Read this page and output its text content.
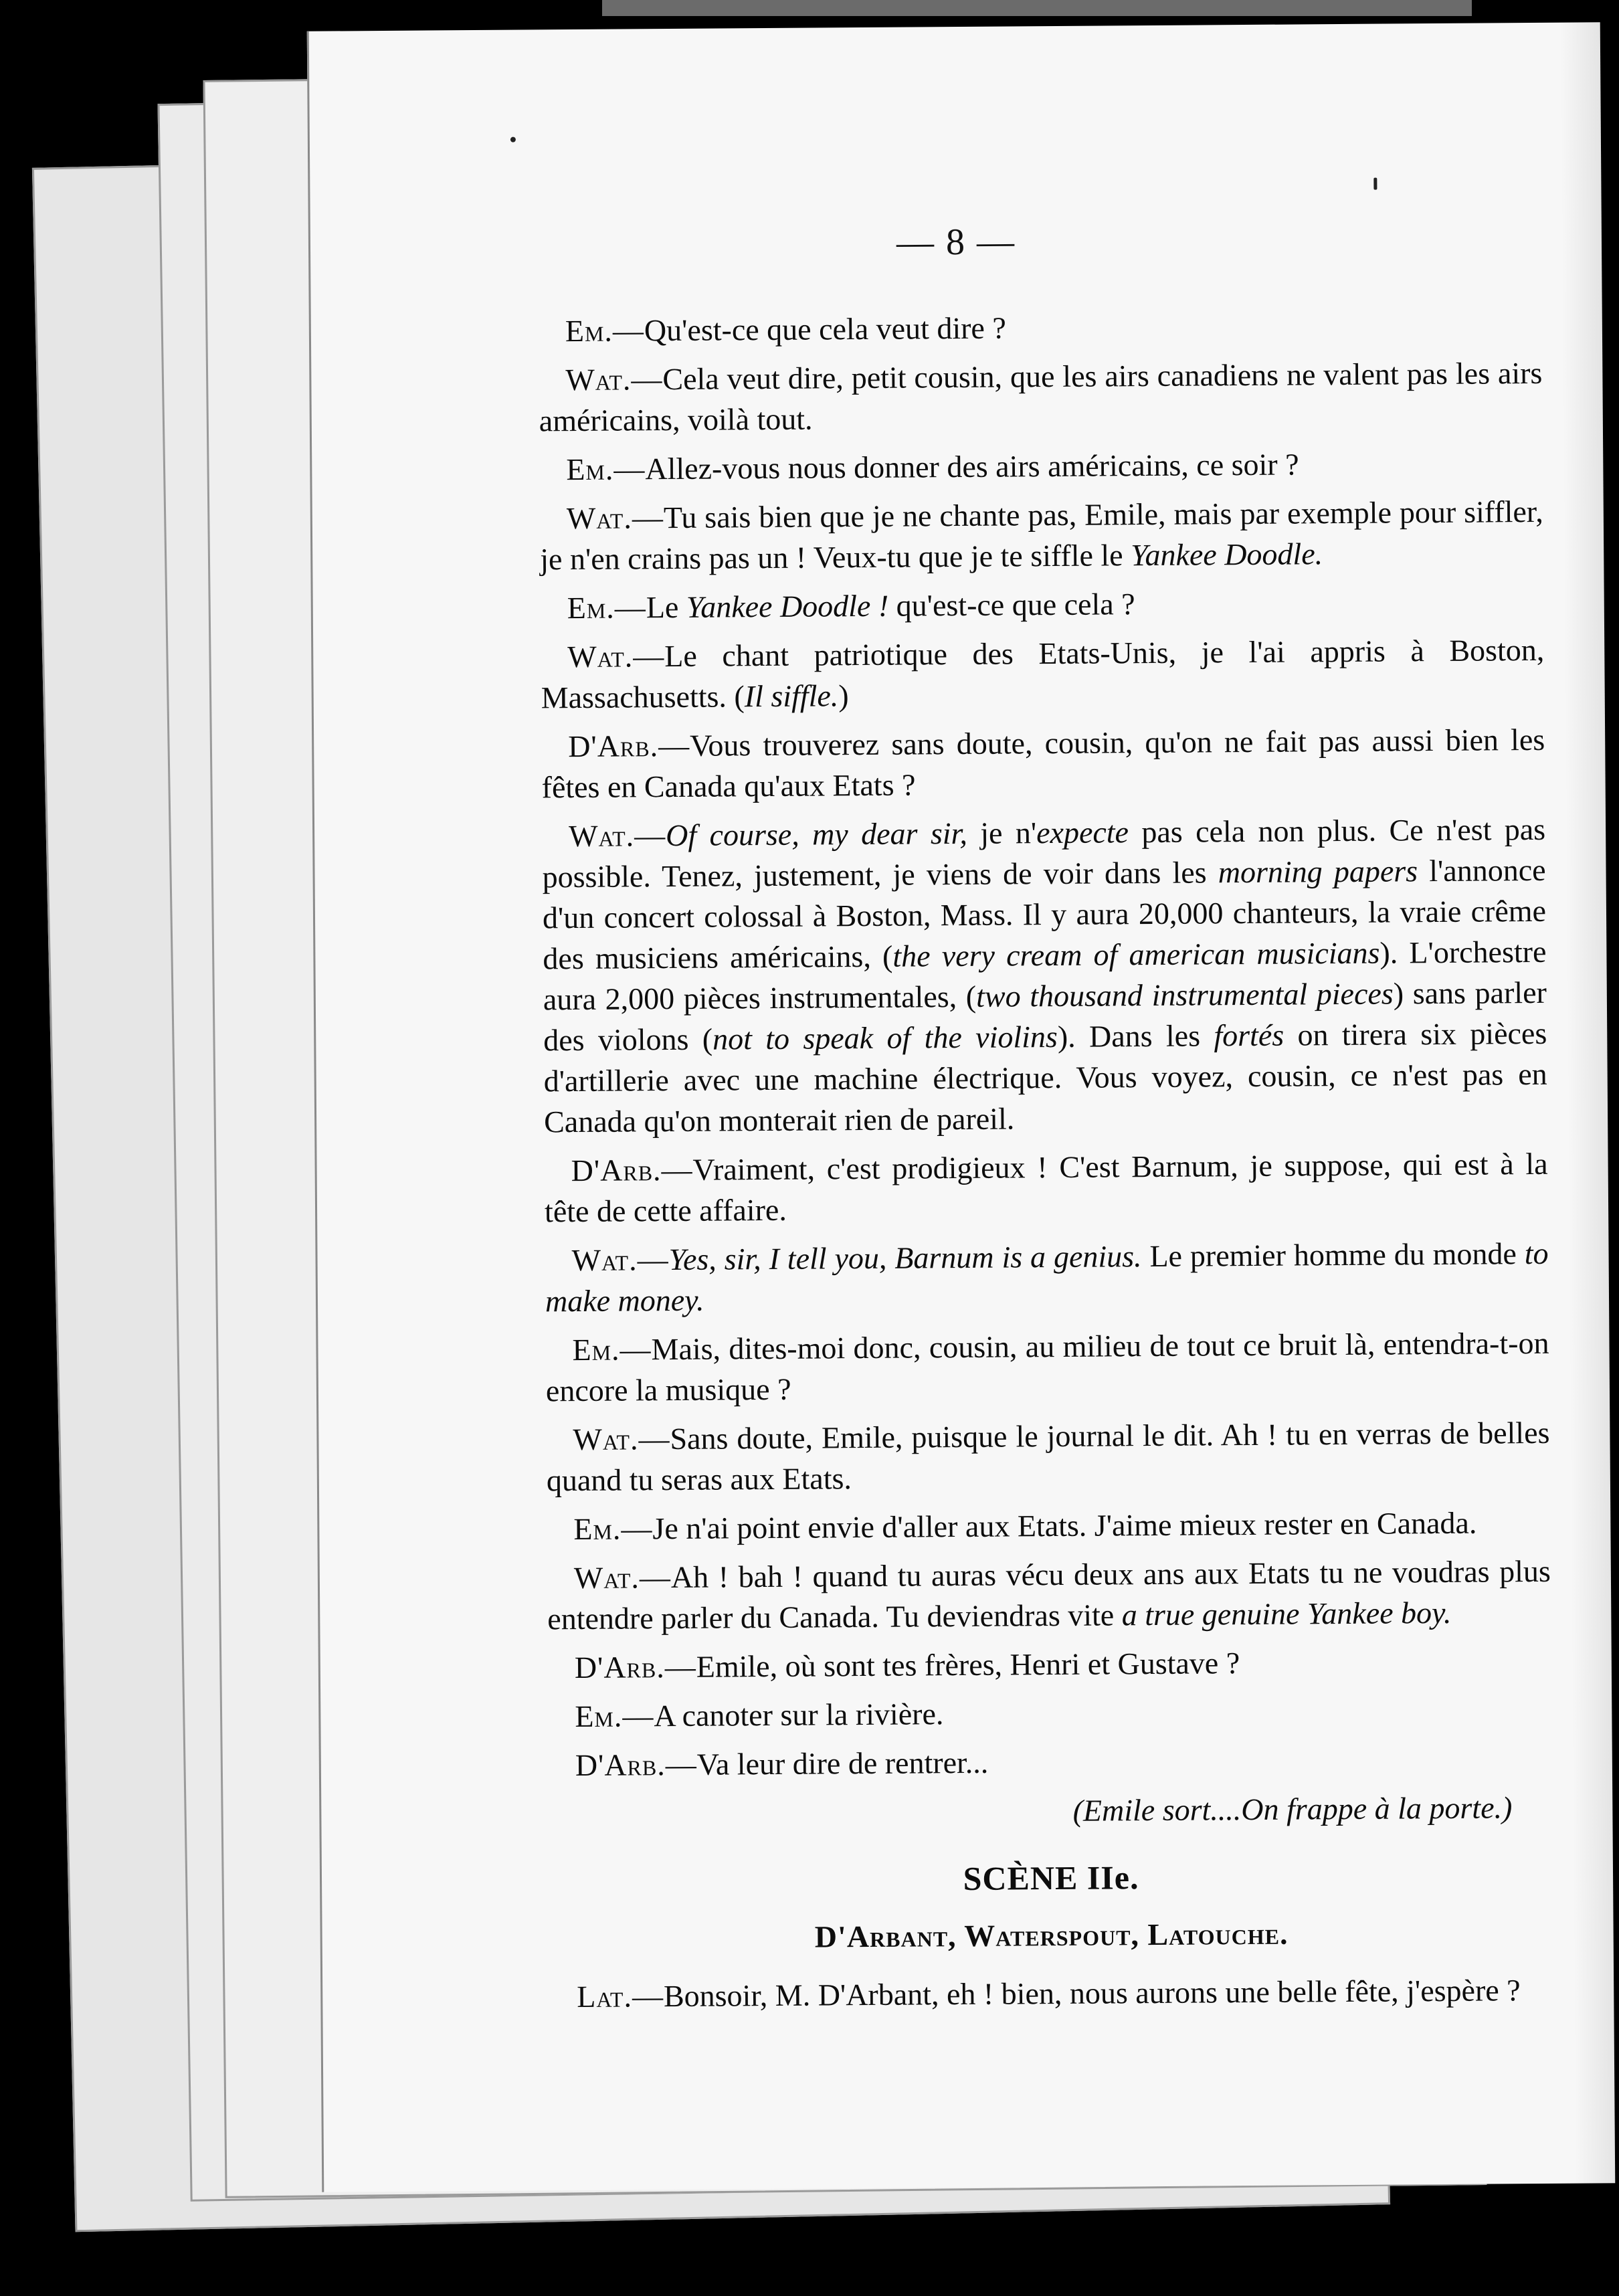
— 8 —

Em.—Qu'est-ce que cela veut dire ?

Wat.—Cela veut dire, petit cousin, que les airs canadiens ne valent pas les airs américains, voilà tout.

Em.—Allez-vous nous donner des airs américains, ce soir ?

Wat.—Tu sais bien que je ne chante pas, Emile, mais par exemple pour siffler, je n'en crains pas un ! Veux-tu que je te siffle le Yankee Doodle.

Em.—Le Yankee Doodle ! qu'est-ce que cela ?

Wat.—Le chant patriotique des Etats-Unis, je l'ai appris à Boston, Massachusetts. (Il siffle.)

D'Arb.—Vous trouverez sans doute, cousin, qu'on ne fait pas aussi bien les fêtes en Canada qu'aux Etats ?

Wat.—Of course, my dear sir, je n'expecte pas cela non plus. Ce n'est pas possible. Tenez, justement, je viens de voir dans les morning papers l'annonce d'un concert colossal à Boston, Mass. Il y aura 20,000 chanteurs, la vraie crême des musiciens américains, (the very cream of american musicians). L'orchestre aura 2,000 pièces instrumentales, (two thousand instrumental pieces) sans parler des violons (not to speak of the violins). Dans les fortés on tirera six pièces d'artillerie avec une machine électrique. Vous voyez, cousin, ce n'est pas en Canada qu'on monterait rien de pareil.

D'Arb.—Vraiment, c'est prodigieux ! C'est Barnum, je suppose, qui est à la tête de cette affaire.

Wat.—Yes, sir, I tell you, Barnum is a genius. Le premier homme du monde to make money.

Em.—Mais, dites-moi donc, cousin, au milieu de tout ce bruit là, entendra-t-on encore la musique ?

Wat.—Sans doute, Emile, puisque le journal le dit. Ah ! tu en verras de belles quand tu seras aux Etats.

Em.—Je n'ai point envie d'aller aux Etats. J'aime mieux rester en Canada.

Wat.—Ah ! bah ! quand tu auras vécu deux ans aux Etats tu ne voudras plus entendre parler du Canada. Tu deviendras vite a true genuine Yankee boy.

D'Arb.—Emile, où sont tes frères, Henri et Gustave ?

Em.—A canoter sur la rivière.

D'Arb.—Va leur dire de rentrer...

(Emile sort....On frappe à la porte.)
SCÈNE IIe.
D'Arbant, Waterspout, Latouche.

Lat.—Bonsoir, M. D'Arbant, eh ! bien, nous aurons une belle fête, j'espère ?
